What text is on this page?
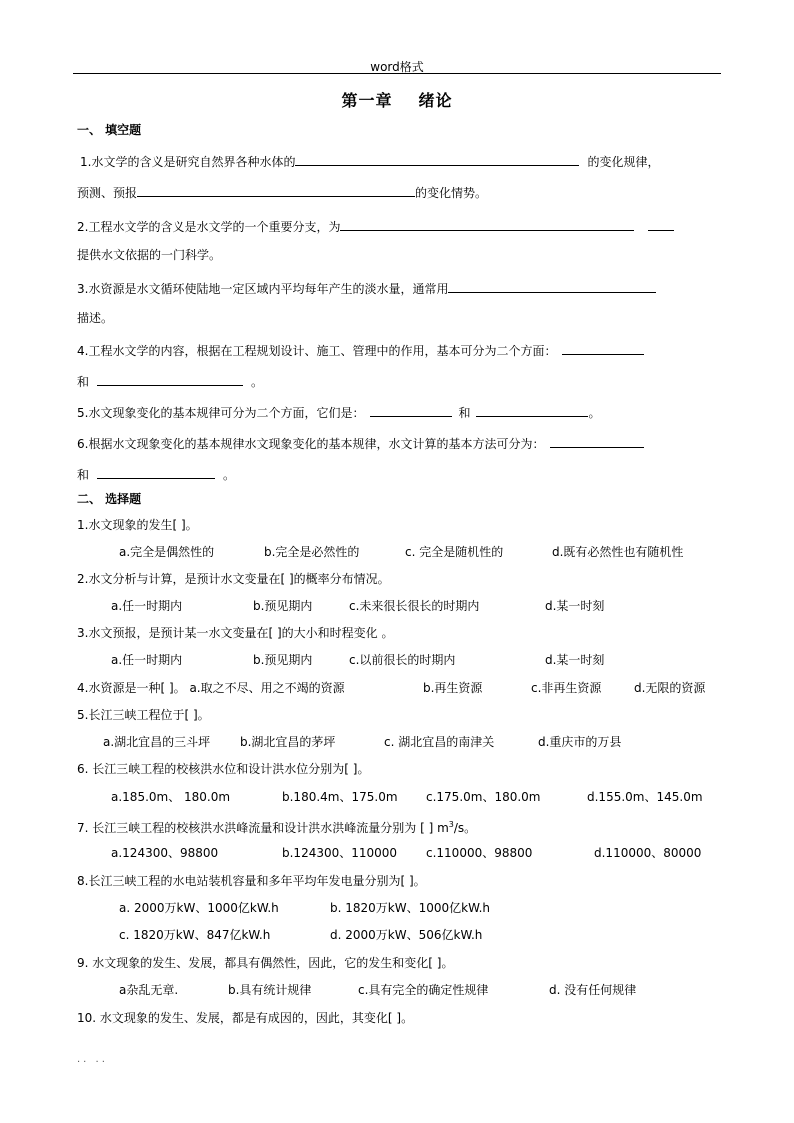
word格式
第一章 绪论
一、 填空题
1.水文学的含义是研究自然界各种水体的	的变化规律，
预测、预报	的变化情势。
2.工程水文学的含义是水文学的一个重要分支，为
提供水文依据的一门科学。
3.水资源是水文循环使陆地一定区域内平均每年产生的淡水量，通常用
描述。
4.工程水文学的内容，根据在工程规划设计、施工、管理中的作用，基本可分为二个方面：
和	。
5.水文现象变化的基本规律可分为二个方面，它们是：	和	。
6.根据水文现象变化的基本规律水文现象变化的基本规律，水文计算的基本方法可分为：
和	。
二、 选择题
1.水文现象的发生[ ]。
a.完全是偶然性的	b.完全是必然性的	c. 完全是随机性的	d.既有必然性也有随机性
2.水文分析与计算，是预计水文变量在[ ]的概率分布情况。
a.任一时期内	b.预见期内	c.未来很长很长的时期内	d.某一时刻
3.水文预报，是预计某一水文变量在[ ]的大小和时程变化 。
a.任一时期内	b.预见期内	c.以前很长的时期内	d.某一时刻
4.水资源是一种[ ]。 a.取之不尽、用之不竭的资源	b.再生资源	c.非再生资源	d.无限的资源
5.长江三峡工程位于[ ]。
a.湖北宜昌的三斗坪 b.湖北宜昌的茅坪	c. 湖北宜昌的南津关	d.重庆市的万县
6. 长江三峡工程的校核洪水位和设计洪水位分别为[ ]。
a.185.0m、 180.0m	b.180.4m、175.0m c.175.0m、180.0m	d.155.0m、145.0m
7. 长江三峡工程的校核洪水洪峰流量和设计洪水洪峰流量分别为 [ ] $m^3/s$。
a.124300、98800	b.124300、110000 c.110000、98800	d.110000、80000
8.长江三峡工程的水电站装机容量和多年平均年发电量分别为[ ]。
a. 2000万kW、1000亿kW.h	b. 1820万kW、1000亿kW.h
c. 1820万kW、847亿kW.h	d. 2000万kW、506亿kW.h
9. 水文现象的发生、发展，都具有偶然性，因此，它的发生和变化[ ]。
a杂乱无章.	b.具有统计规律	c.具有完全的确定性规律	d. 没有任何规律
10. 水文现象的发生、发展，都是有成因的，因此，其变化[ ]。
.. ..
